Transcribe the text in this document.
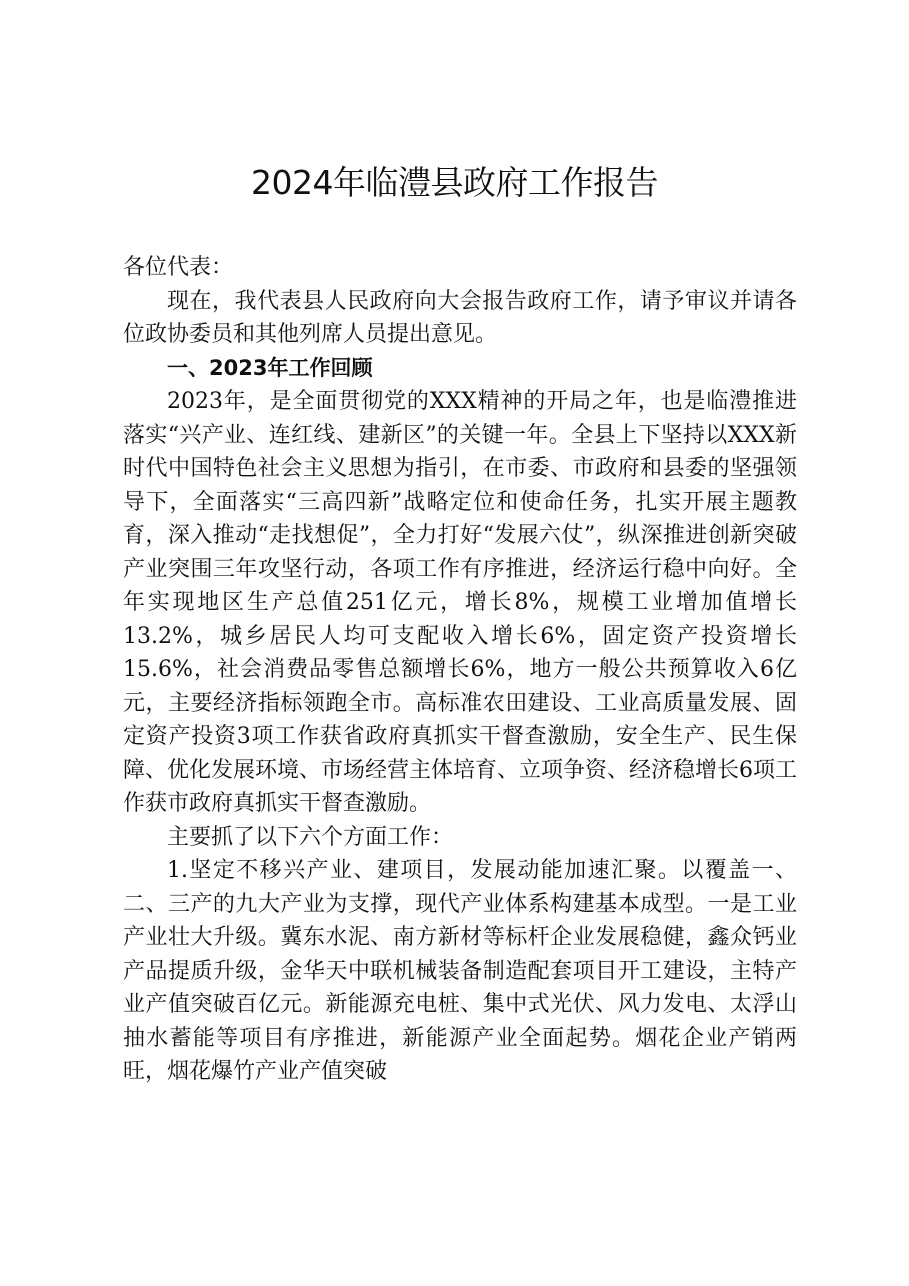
2024年临澧县政府工作报告

各位代表：

现在，我代表县人民政府向大会报告政府工作，请予审议并请各位政协委员和其他列席人员提出意见。

一、2023年工作回顾

2023年，是全面贯彻党的XXX精神的开局之年，也是临澧推进落实“兴产业、连红线、建新区”的关键一年。全县上下坚持以XXX新时代中国特色社会主义思想为指引，在市委、市政府和县委的坚强领导下，全面落实“三高四新”战略定位和使命任务，扎实开展主题教育，深入推动“走找想促”，全力打好“发展六仗”，纵深推进创新突破产业突围三年攻坚行动，各项工作有序推进，经济运行稳中向好。全年实现地区生产总值251亿元，增长8%，规模工业增加值增长13.2%，城乡居民人均可支配收入增长6%，固定资产投资增长15.6%，社会消费品零售总额增长6%，地方一般公共预算收入6亿元，主要经济指标领跑全市。高标准农田建设、工业高质量发展、固定资产投资3项工作获省政府真抓实干督查激励，安全生产、民生保障、优化发展环境、市场经营主体培育、立项争资、经济稳增长6项工作获市政府真抓实干督查激励。

主要抓了以下六个方面工作：

1.坚定不移兴产业、建项目，发展动能加速汇聚。以覆盖一、二、三产的九大产业为支撑，现代产业体系构建基本成型。一是工业产业壮大升级。冀东水泥、南方新材等标杆企业发展稳健，鑫众钙业产品提质升级，金华天中联机械装备制造配套项目开工建设，主特产业产值突破百亿元。新能源充电桩、集中式光伏、风力发电、太浮山抽水蓄能等项目有序推进，新能源产业全面起势。烟花企业产销两旺，烟花爆竹产业产值突破
